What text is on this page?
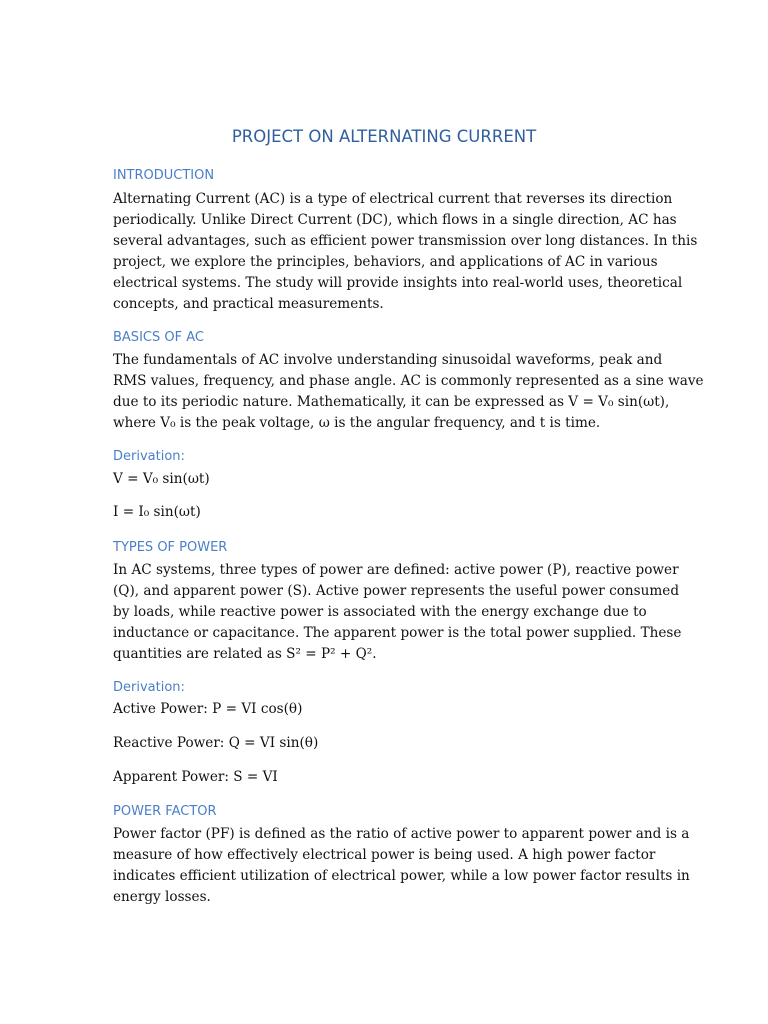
PROJECT ON ALTERNATING CURRENT
INTRODUCTION

Alternating Current (AC) is a type of electrical current that reverses its direction
periodically. Unlike Direct Current (DC), which flows in a single direction, AC has
several advantages, such as efficient power transmission over long distances. In this
project, we explore the principles, behaviors, and applications of AC in various
electrical systems. The study will provide insights into real-world uses, theoretical
concepts, and practical measurements.

BASICS OF AC

The fundamentals of AC involve understanding sinusoidal waveforms, peak and
RMS values, frequency, and phase angle. AC is commonly represented as a sine wave
due to its periodic nature. Mathematically, it can be expressed as V = V₀ sin(ωt),
where V₀ is the peak voltage, ω is the angular frequency, and t is time.

Derivation:

V = V₀ sin(ωt)

I = I₀ sin(ωt)

TYPES OF POWER

In AC systems, three types of power are defined: active power (P), reactive power
(Q), and apparent power (S). Active power represents the useful power consumed
by loads, while reactive power is associated with the energy exchange due to
inductance or capacitance. The apparent power is the total power supplied. These
quantities are related as S² = P² + Q².

Derivation:

Active Power: P = VI cos(θ)

Reactive Power: Q = VI sin(θ)

Apparent Power: S = VI

POWER FACTOR

Power factor (PF) is defined as the ratio of active power to apparent power and is a
measure of how effectively electrical power is being used. A high power factor
indicates efficient utilization of electrical power, while a low power factor results in
energy losses.
